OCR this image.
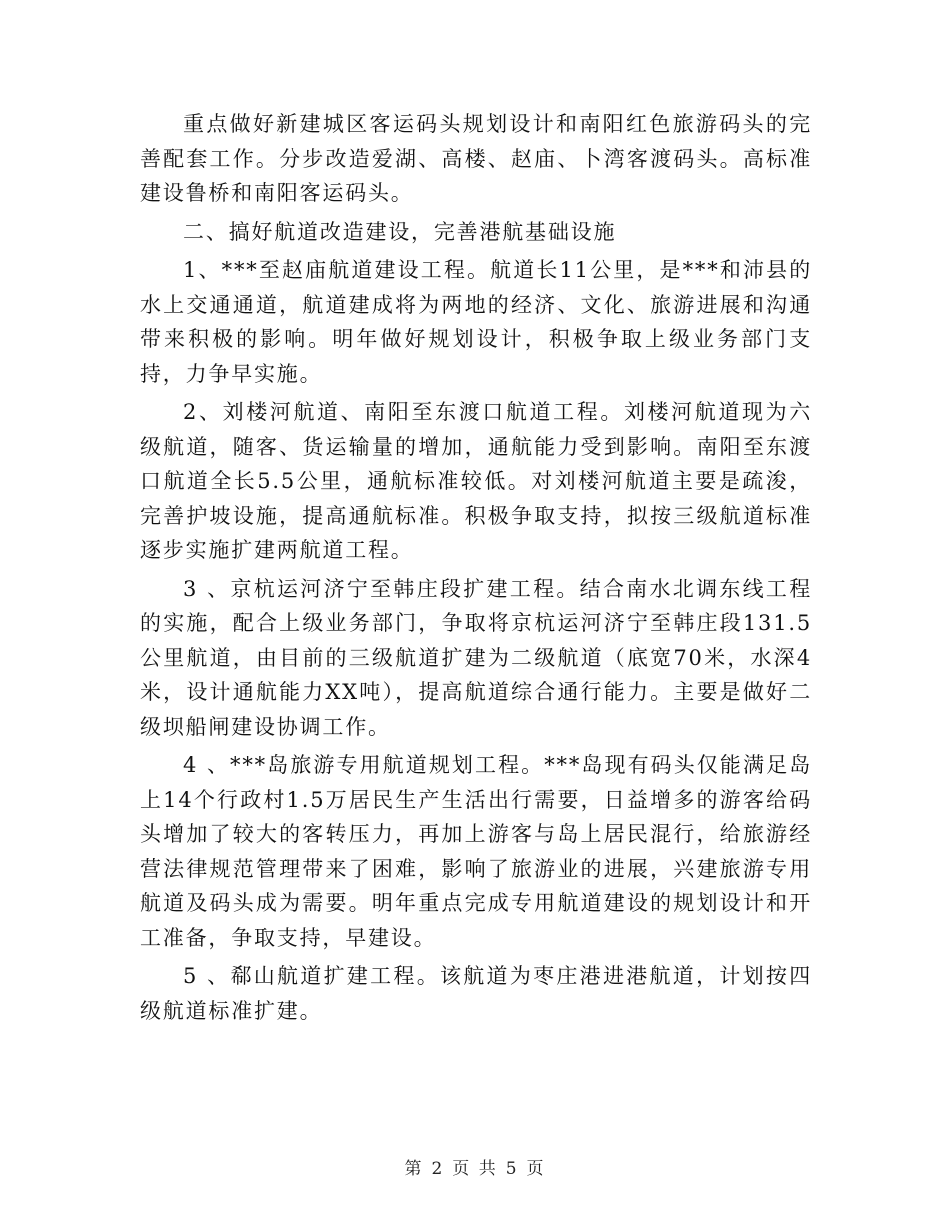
重点做好新建城区客运码头规划设计和南阳红色旅游码头的完善配套工作。分步改造爱湖、高楼、赵庙、卜湾客渡码头。高标准建设鲁桥和南阳客运码头。

二、搞好航道改造建设，完善港航基础设施

1、***至赵庙航道建设工程。航道长11公里，是***和沛县的水上交通通道，航道建成将为两地的经济、文化、旅游进展和沟通带来积极的影响。明年做好规划设计，积极争取上级业务部门支持，力争早实施。

2、刘楼河航道、南阳至东渡口航道工程。刘楼河航道现为六级航道，随客、货运输量的增加，通航能力受到影响。南阳至东渡口航道全长5.5公里，通航标准较低。对刘楼河航道主要是疏浚，完善护坡设施，提高通航标准。积极争取支持，拟按三级航道标准逐步实施扩建两航道工程。

3 、京杭运河济宁至韩庄段扩建工程。结合南水北调东线工程的实施，配合上级业务部门，争取将京杭运河济宁至韩庄段131.5公里航道，由目前的三级航道扩建为二级航道（底宽70米，水深4米，设计通航能力XX吨），提高航道综合通行能力。主要是做好二级坝船闸建设协调工作。

4 、***岛旅游专用航道规划工程。***岛现有码头仅能满足岛上14个行政村1.5万居民生产生活出行需要，日益增多的游客给码头增加了较大的客转压力，再加上游客与岛上居民混行，给旅游经营法律规范管理带来了困难，影响了旅游业的进展，兴建旅游专用航道及码头成为需要。明年重点完成专用航道建设的规划设计和开工准备，争取支持，早建设。

5 、郗山航道扩建工程。该航道为枣庄港进港航道，计划按四级航道标准扩建。

第 2 页 共 5 页
